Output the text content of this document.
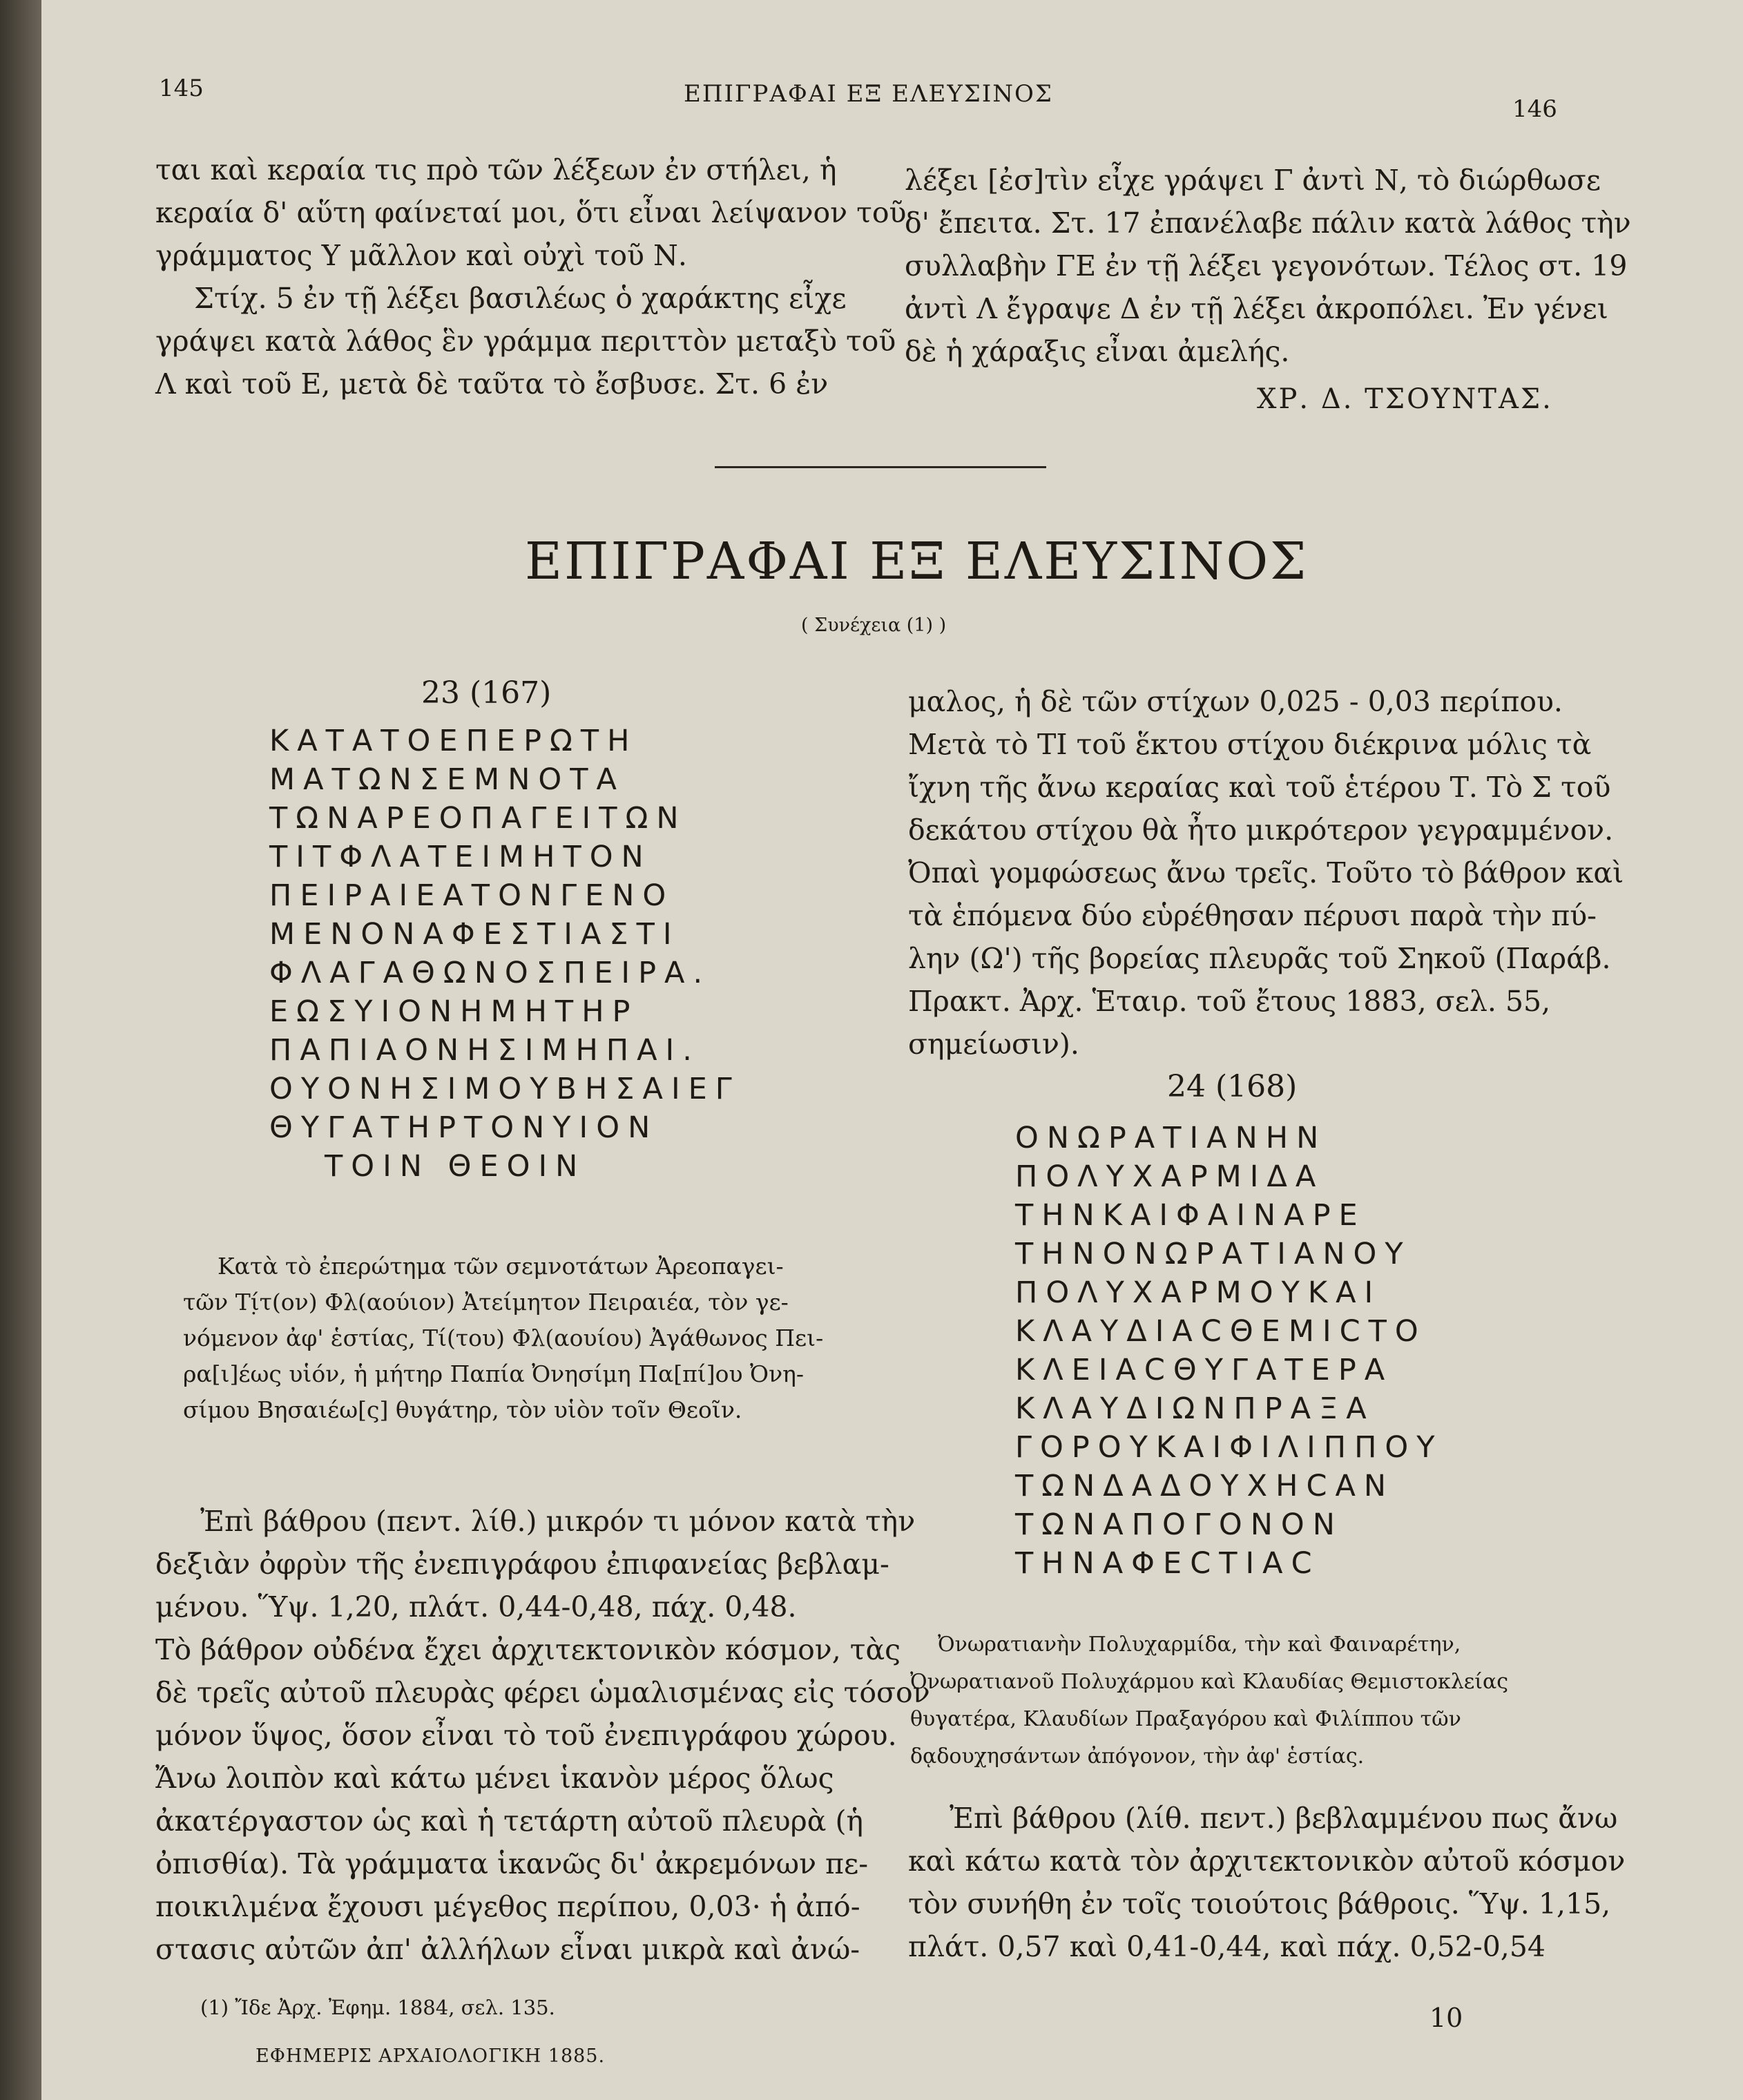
145	ΕΠΙΓΡΑΦΑΙ ΕΞ ΕΛΕΥΣΙΝΟΣ
146
ται καὶ κεραία τις πρὸ τῶν λέξεων ἐν στήλει, ἡ
κεραία δ' αὕτη φαίνεταί μοι, ὅτι εἶναι λείψανον τοῦ
γράμματος Υ μᾶλλον καὶ οὐχὶ τοῦ Ν.
Στίχ. 5 ἐν τῇ λέξει βασιλέως ὁ χαράκτης εἶχε
γράψει κατὰ λάθος ἓν γράμμα περιττὸν μεταξὺ τοῦ
Λ καὶ τοῦ Ε, μετὰ δὲ ταῦτα τὸ ἔσβυσε. Στ. 6 ἐν
λέξει [ἐσ]τὶν εἶχε γράψει Γ ἀντὶ Ν, τὸ διώρθωσε
δ' ἔπειτα. Στ. 17 ἐπανέλαβε πάλιν κατὰ λάθος τὴν
συλλαβὴν ΓΕ ἐν τῇ λέξει γεγονότων. Τέλος στ. 19
ἀντὶ Λ ἔγραψε Δ ἐν τῇ λέξει ἀκροπόλει. Ἐν γένει
δὲ ἡ χάραξις εἶναι ἀμελής.
ΧΡ. Δ. ΤΣΟΥΝΤΑΣ.
ΕΠΙΓΡΑΦΑΙ ΕΞ ΕΛΕΥΣΙΝΟΣ
( Συνέχεια (1) )
23 (167)
ΚΑΤΑΤΟΕΠΕΡΩΤΗ
ΜΑΤΩΝΣΕΜΝΟΤΑ
ΤΩΝΑΡΕΟΠΑΓΕΙΤΩΝ
ΤΙΤΦΛΑΤΕΙΜΗΤΟΝ
ΠΕΙΡΑΙΕΑΤΟΝΓΕΝΟ
ΜΕΝΟΝΑΦΕΣΤΙΑΣΤΙ
ΦΛΑΓΑΘΩΝΟΣΠΕΙΡΑ.
ΕΩΣΥΙΟΝΗΜΗΤΗΡ
ΠΑΠΙΑΟΝΗΣΙΜΗΠΑΙ.
ΟΥΟΝΗΣΙΜΟΥΒΗΣΑΙΕΓ
ΘΥΓΑΤΗΡΤΟΝΥΙΟΝ
ΤΟΙΝ ΘΕΟΙΝ
Κατὰ τὸ ἐπερώτημα τῶν σεμνοτάτων Ἀρεοπαγει-
τῶν Τί̣τ(ον) Φλ(αούιον) Ἀτείμητον Πειραιέα, τὸν γε-
νόμενον ἀφ' ἑστίας, Τί(του) Φλ(αουίου) Ἀγάθωνος Πει-
ρα[ι]έως υἱόν, ἡ μήτηρ Παπία Ὀνησίμη Πα[πί]ου Ὀνη-
σίμου Βησαιέω[ς] θυγάτηρ, τὸν υἱὸν τοῖν Θεοῖν.
Ἐπὶ βάθρου (πεντ. λίθ.) μικρόν τι μόνον κατὰ τὴν
δεξιὰν ὀφρὺν τῆς ἐνεπιγράφου ἐπιφανείας βεβλαμ-
μένου. Ὕψ. 1,20, πλάτ. 0,44-0,48, πάχ. 0,48.
Τὸ βάθρον οὐδένα ἔχει ἀρχιτεκτονικὸν κόσμον, τὰς
δὲ τρεῖς αὐτοῦ πλευρὰς φέρει ὡμαλισμένας εἰς τόσον
μόνον ὕψος, ὅσον εἶναι τὸ τοῦ ἐνεπιγράφου χώρου.
Ἄνω λοιπὸν καὶ κάτω μένει ἱκανὸν μέρος ὅλως
ἀκατέργαστον ὡς καὶ ἡ τετάρτη αὐτοῦ πλευρὰ (ἡ
ὀπισθία). Τὰ γράμματα ἱκανῶς δι' ἀκρεμόνων πε-
ποικιλμένα ἔχουσι μέγεθος περίπου, 0,03· ἡ ἀπό-
στασις αὐτῶν ἀπ' ἀλλήλων εἶναι μικρὰ καὶ ἀνώ-
(1) Ἴδε Ἀρχ. Ἐφημ. 1884, σελ. 135.
ΕΦΗΜΕΡΙΣ ΑΡΧΑΙΟΛΟΓΙΚΗ 1885.
μαλος, ἡ δὲ τῶν στίχων 0,025 - 0,03 περίπου.
Μετὰ τὸ ΤΙ τοῦ ἕκτου στίχου διέκρινα μόλις τὰ
ἴχνη τῆς ἄνω κεραίας καὶ τοῦ ἑτέρου Τ. Τὸ Σ τοῦ
δεκάτου στίχου θὰ ἦτο μικρότερον γεγραμμένον.
Ὀπαὶ γομφώσεως ἄνω τρεῖς. Τοῦτο τὸ βάθρον καὶ
τὰ ἑπόμενα δύο εὑρέθησαν πέρυσι παρὰ τὴν πύ-
λην (Ω') τῆς βορείας πλευρᾶς τοῦ Σηκοῦ (Παράβ.
Πρακτ. Ἀρχ. Ἑταιρ. τοῦ ἔτους 1883, σελ. 55,
σημείωσιν).
24 (168)
ΟΝΩΡΑΤΙΑΝΗΝ
ΠΟΛΥΧΑΡΜΙΔΑ
ΤΗΝΚΑΙΦΑΙΝΑΡΕ
ΤΗΝΟΝΩΡΑΤΙΑΝΟΥ
ΠΟΛΥΧΑΡΜΟΥΚΑΙ
ΚΛΑΥΔΙΑCΘΕΜΙCΤΟ
ΚΛΕΙΑCΘΥΓΑΤΕΡΑ
ΚΛΑΥΔΙΩΝΠΡΑΞΑ
ΓΟΡΟΥΚΑΙΦΙΛΙΠΠΟΥ
ΤΩΝΔΑΔΟΥΧΗCΑΝ
ΤΩΝΑΠΟΓΟΝΟΝ
ΤΗΝΑΦΕCΤΙΑC
Ὀνωρατιανὴν Πολυχαρμίδα, τὴν καὶ Φαιναρέτην,
Ὀνωρατιανοῦ Πολυχάρμου καὶ Κλαυδίας Θεμιστοκλείας
θυγατέρα, Κλαυδίων Πραξαγόρου καὶ Φιλίππου τῶν
δᾳδουχησάντων ἀπόγονον, τὴν ἀφ' ἑστίας.
Ἐπὶ βάθρου (λίθ. πεντ.) βεβλαμμένου πως ἄνω
καὶ κάτω κατὰ τὸν ἀρχιτεκτονικὸν αὐτοῦ κόσμον
τὸν συνήθη ἐν τοῖς τοιούτοις βάθροις. Ὕψ. 1,15,
πλάτ. 0,57 καὶ 0,41-0,44, καὶ πάχ. 0,52-0,54
10
